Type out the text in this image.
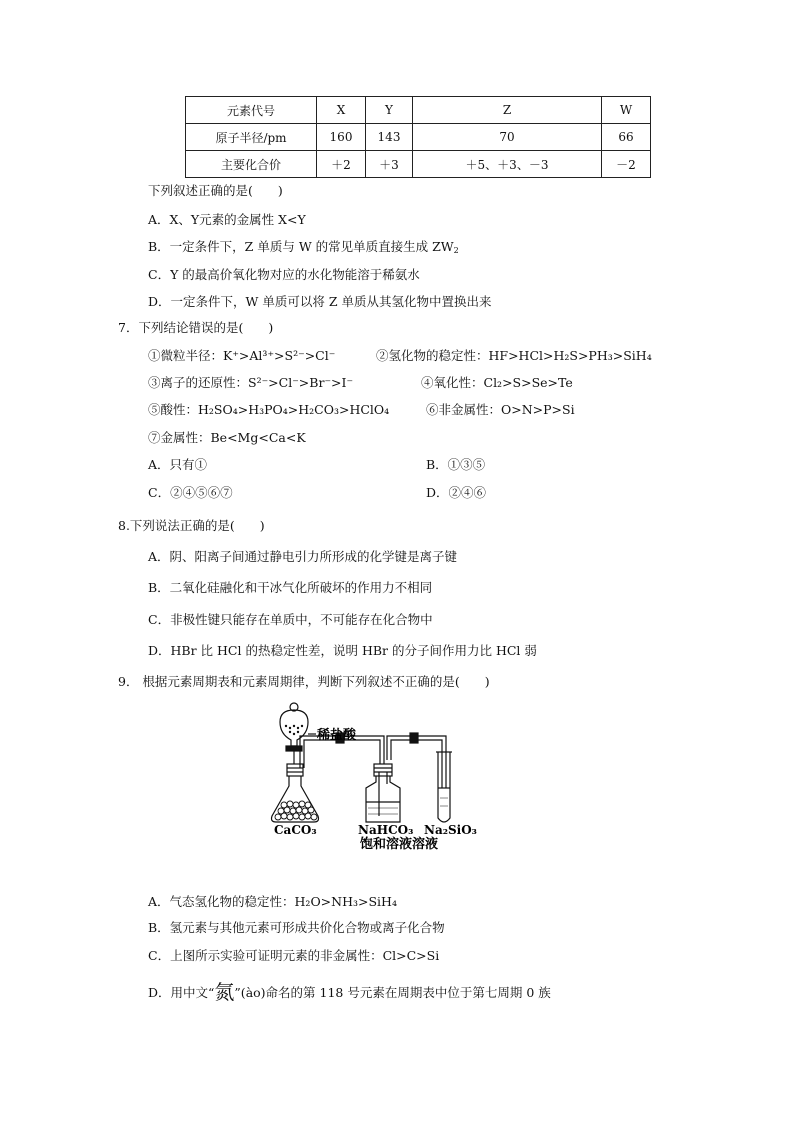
元素代号	X	Y	Z	W
原子半径/pm	160	143	70	66
主要化合价	＋2	＋3	＋5、＋3、－3	－2
下列叙述正确的是(　　)
A．X、Y元素的金属性 X<Y
B．一定条件下，Z 单质与 W 的常见单质直接生成 $ZW_2$
C．Y 的最高价氧化物对应的水化物能溶于稀氨水
D．一定条件下，W 单质可以将 Z 单质从其氢化物中置换出来
7．下列结论错误的是(　　)
①微粒半径：K⁺>Al³⁺>S²⁻>Cl⁻	②氢化物的稳定性：HF>HCl>H₂S>PH₃>SiH₄
③离子的还原性：S²⁻>Cl⁻>Br⁻>I⁻	④氧化性：Cl₂>S>Se>Te
⑤酸性：H₂SO₄>H₃PO₄>H₂CO₃>HClO₄	⑥非金属性：O>N>P>Si
⑦金属性：Be<Mg<Ca<K
A．只有①	B．①③⑤
C．②④⑤⑥⑦	D．②④⑥
8.下列说法正确的是(　　)
A．阴、阳离子间通过静电引力所形成的化学键是离子键
B．二氧化硅融化和干冰气化所破坏的作用力不相同
C．非极性键只能存在单质中，不可能存在化合物中
D．HBr 比 HCl 的热稳定性差，说明 HBr 的分子间作用力比 HCl 弱
9． 根据元素周期表和元素周期律，判断下列叙述不正确的是(　　)
稀盐酸
CaCO₃	NaHCO₃ Na₂SiO₃
饱和溶液溶液
A．气态氢化物的稳定性：H₂O>NH₃>SiH₄
B．氢元素与其他元素可形成共价化合物或离子化合物
C．上图所示实验可证明元素的非金属性：Cl>C>Si
D．用中文“氮”(ào)命名的第 118 号元素在周期表中位于第七周期 0 族
